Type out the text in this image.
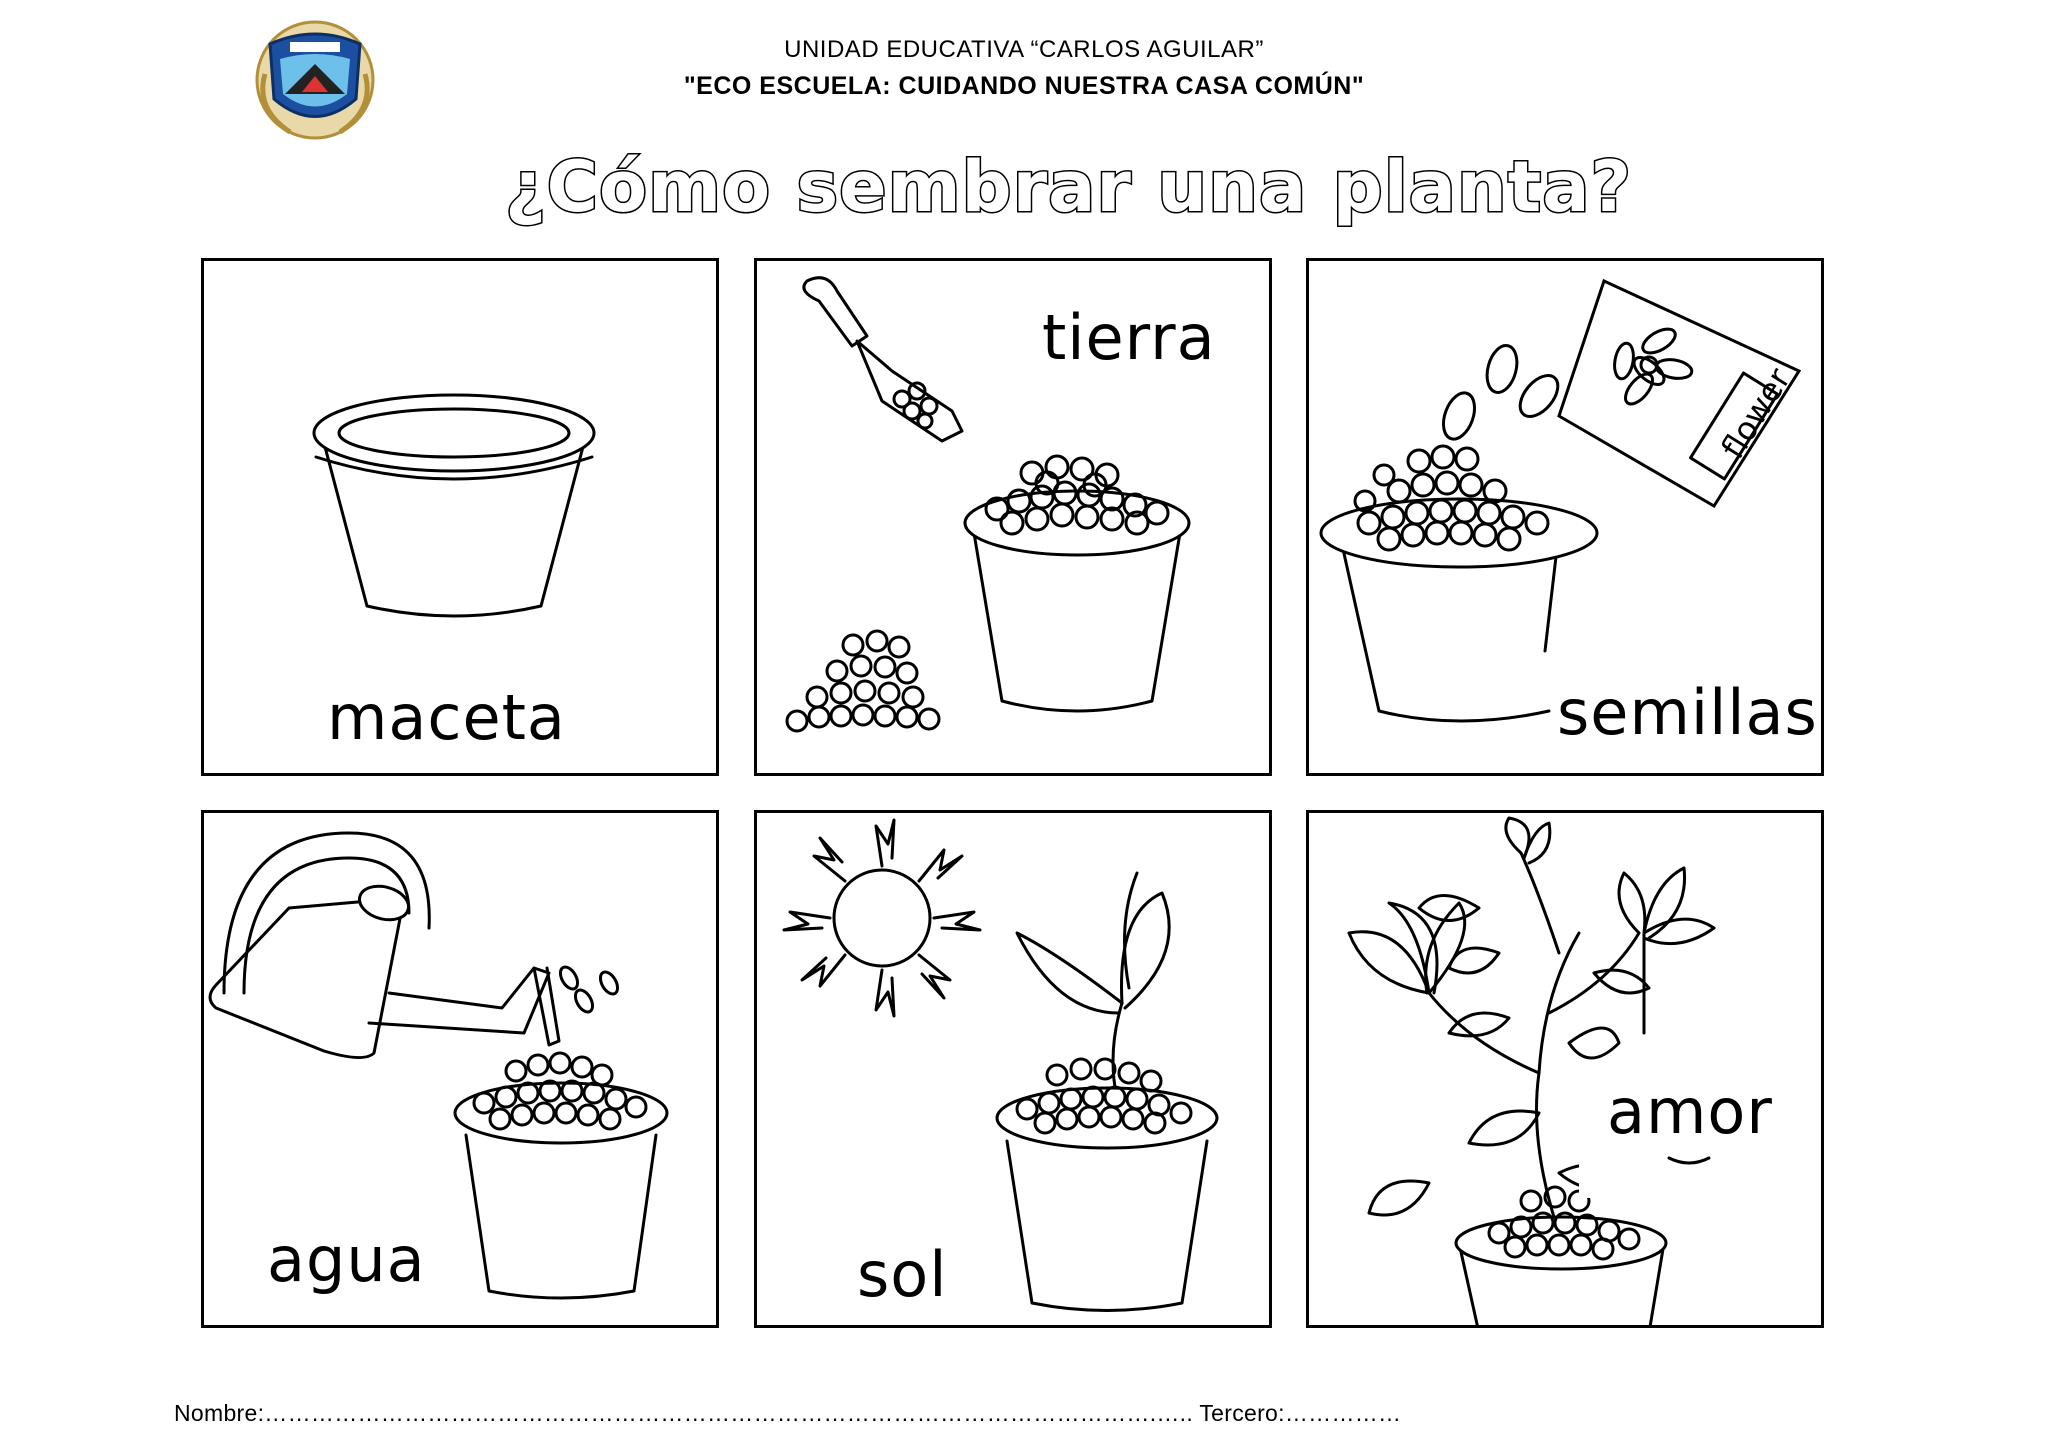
UNIDAD EDUCATIVA “CARLOS AGUILAR”
"ECO ESCUELA: CUIDANDO NUESTRA CASA COMÚN"
¿Cómo sembrar una planta?
maceta
tierra
flower
semillas
agua	sol
amor
Nombre:…………………………………………………………………………………………………….….. Tercero:……………
